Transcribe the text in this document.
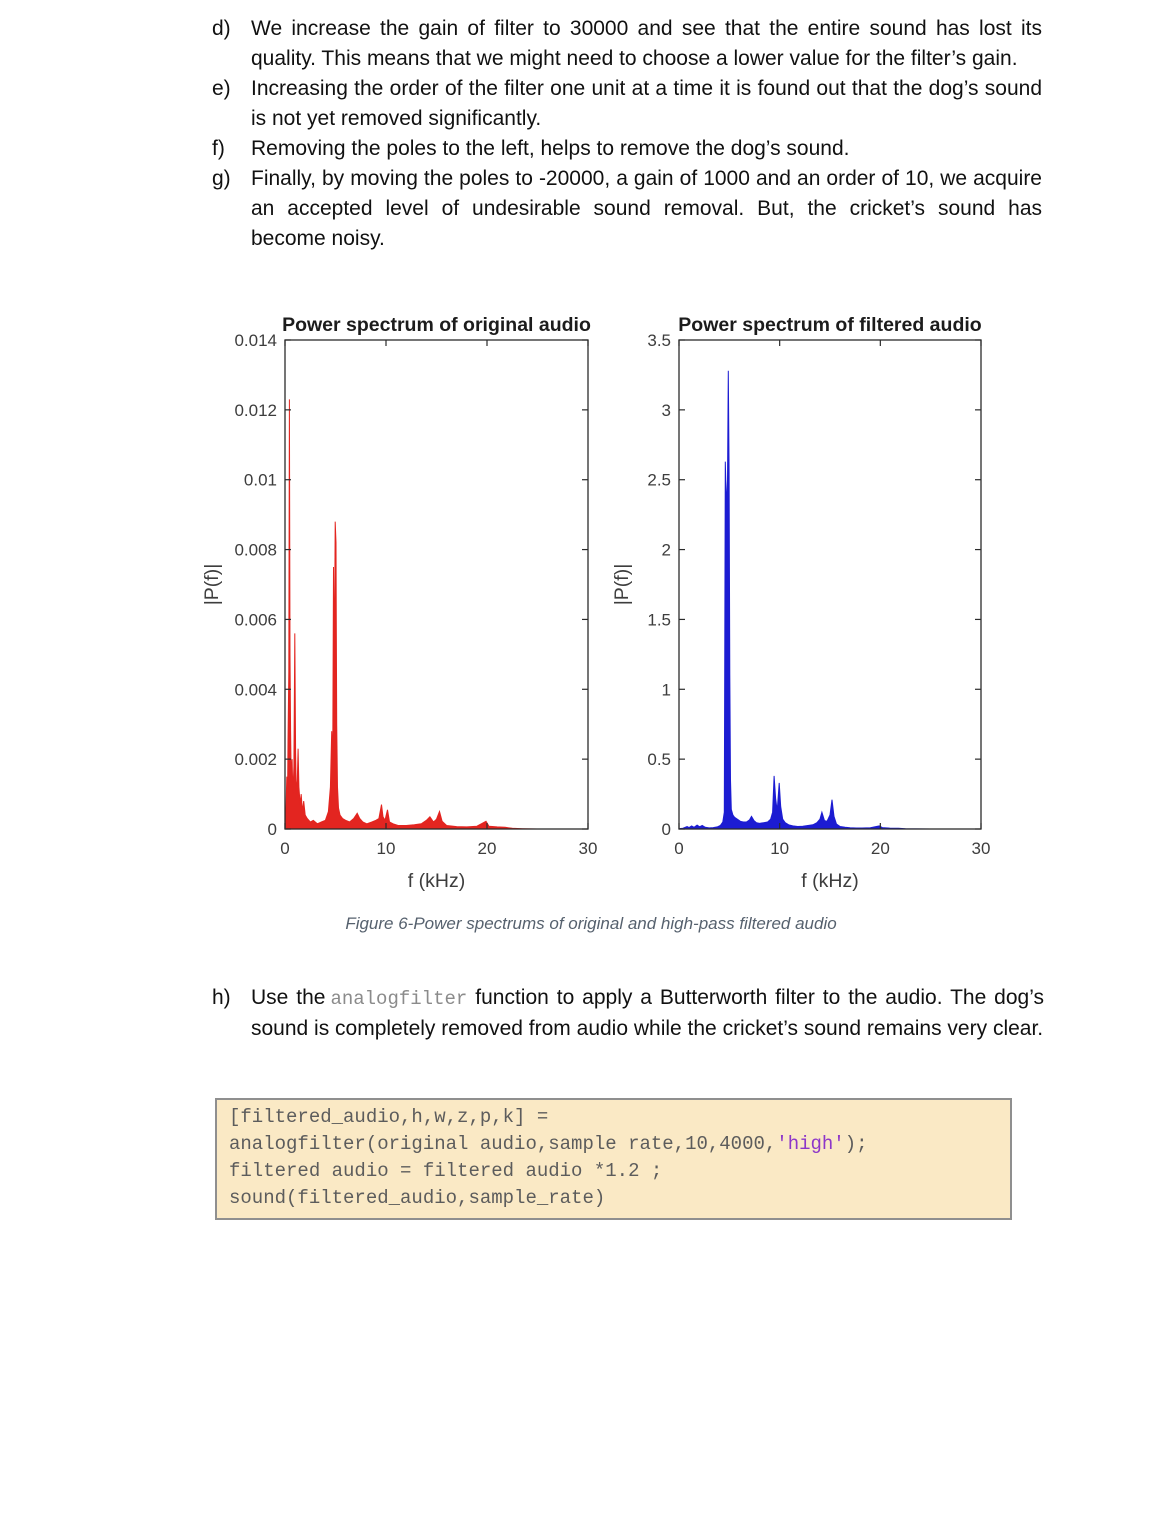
d) We increase the gain of filter to 30000 and see that the entire sound has lost its quality. This means that we might need to choose a lower value for the filter’s gain.
e) Increasing the order of the filter one unit at a time it is found out that the dog’s sound is not yet removed significantly.
f) Removing the poles to the left, helps to remove the dog’s sound.
g) Finally, by moving the poles to -20000, a gain of 1000 and an order of 10, we acquire an accepted level of undesirable sound removal. But, the cricket’s sound has become noisy.
0	10	20	30
0
0.002
0.004
0.006
0.008
0.01
0.012
0.014
Power spectrum of original audio
f (kHz)
|P(f)|
0	10	20	30
0
0.5
1
1.5
2
2.5
3
3.5
Power spectrum of filtered audio
f (kHz)
|P(f)|
Figure 6-Power spectrums of original and high-pass filtered audio
h) Use the analogfilter function to apply a Butterworth filter to the audio. The dog’s sound is completely removed from audio while the cricket’s sound remains very clear.
[filtered_audio,h,w,z,p,k] =
analogfilter(original audio,sample rate,10,4000,'high');
filtered audio = filtered audio *1.2 ;
sound(filtered_audio,sample_rate)
